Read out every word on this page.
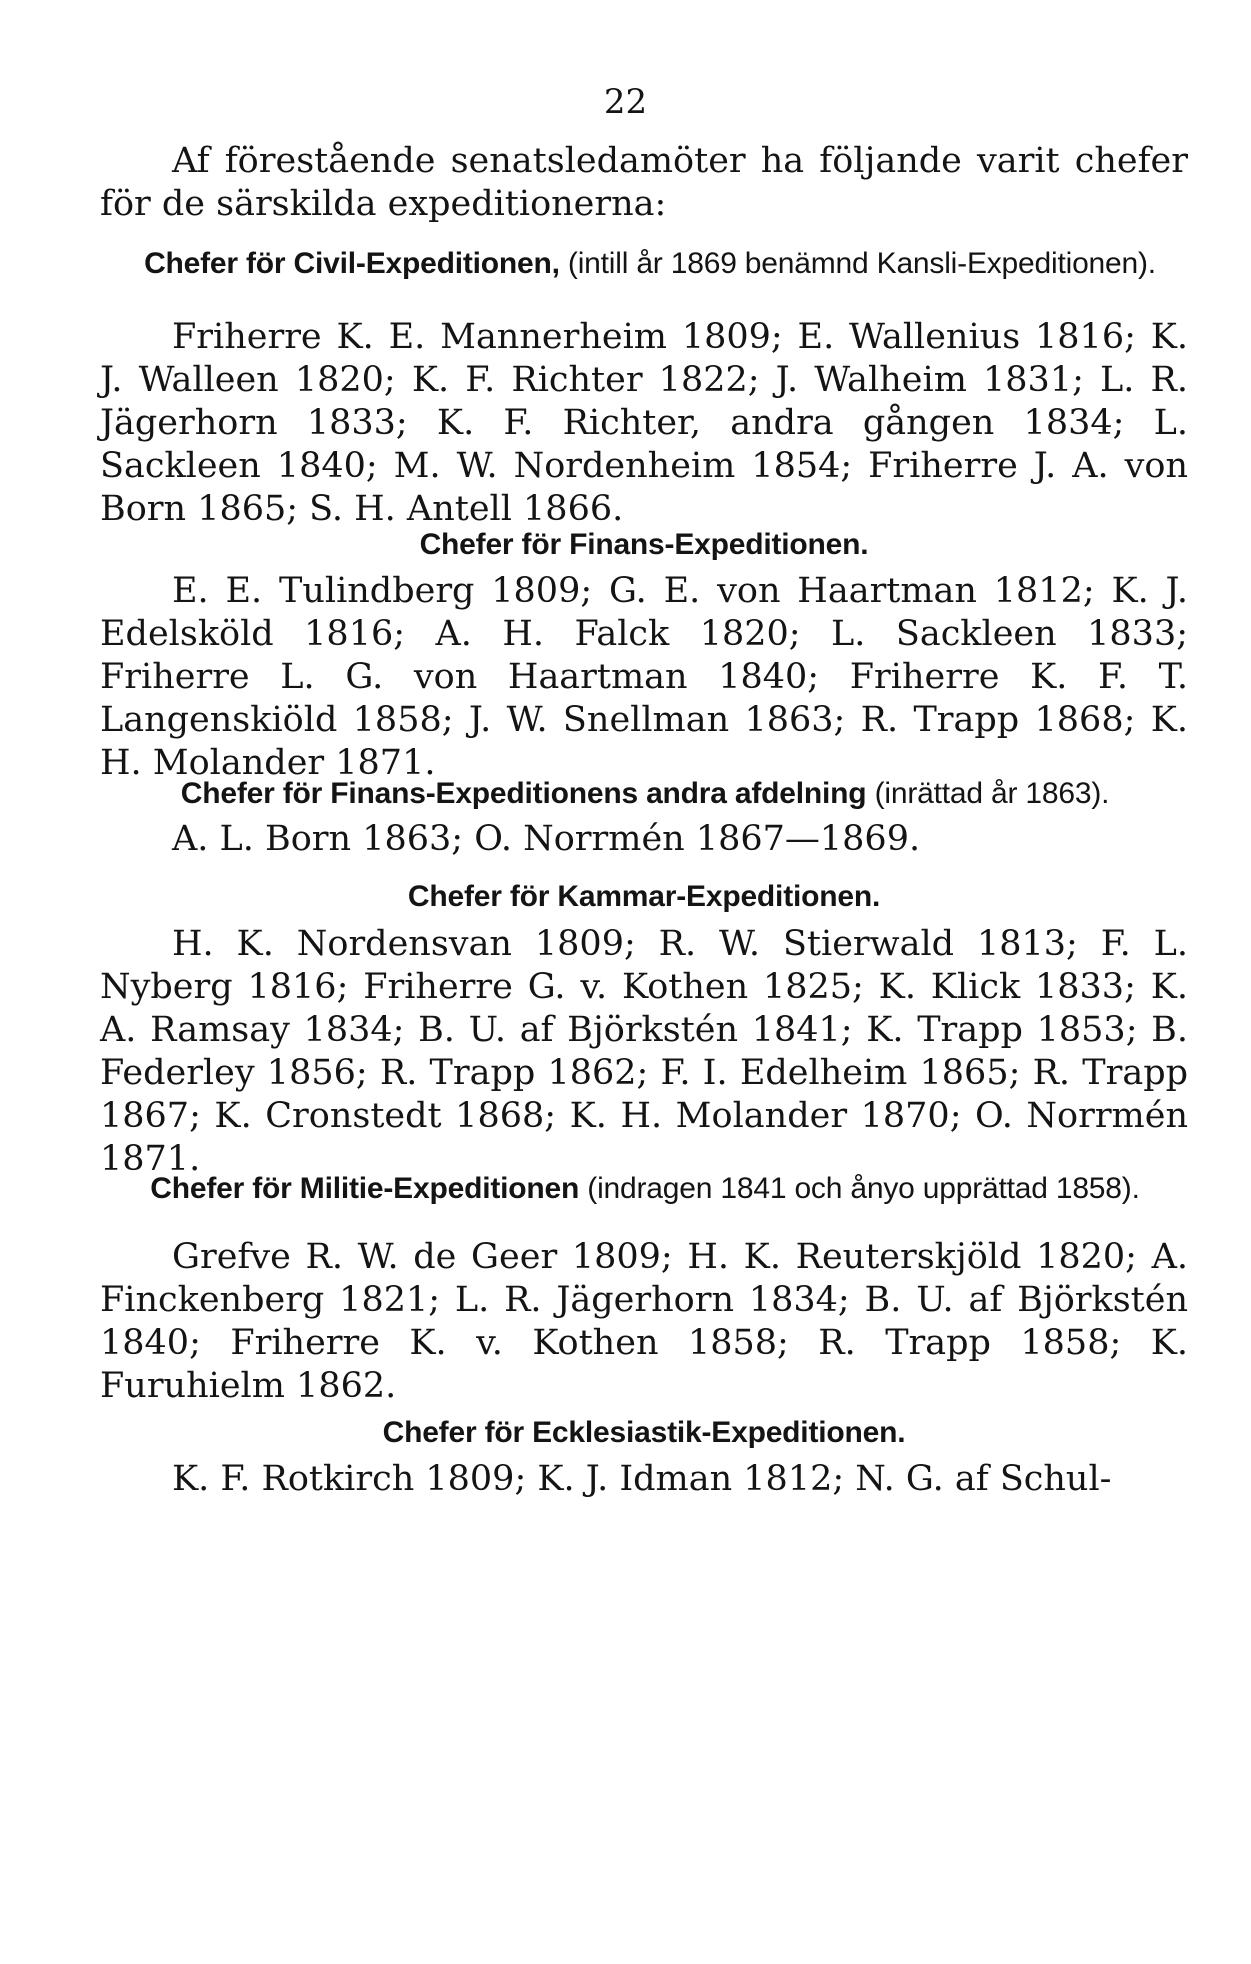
22

Af förestående senatsledamöter ha följande varit chefer för de särskilda expeditionerna:

Chefer för Civil-Expeditionen, (intill år 1869 benämnd Kansli-Expeditionen).

Friherre K. E. Mannerheim 1809; E. Wallenius 1816; K. J. Walleen 1820; K. F. Richter 1822; J. Walheim 1831; L. R. Jägerhorn 1833; K. F. Richter, andra gången 1834; L. Sackleen 1840; M. W. Nordenheim 1854; Friherre J. A. von Born 1865; S. H. Antell 1866.

Chefer för Finans-Expeditionen.

E. E. Tulindberg 1809; G. E. von Haartman 1812; K. J. Edelsköld 1816; A. H. Falck 1820; L. Sackleen 1833; Friherre L. G. von Haartman 1840; Friherre K. F. T. Langenskiöld 1858; J. W. Snellman 1863; R. Trapp 1868; K. H. Molander 1871.

Chefer för Finans-Expeditionens andra afdelning (inrättad år 1863).

A. L. Born 1863; O. Norrmén 1867—1869.

Chefer för Kammar-Expeditionen.

H. K. Nordensvan 1809; R. W. Stierwald 1813; F. L. Nyberg 1816; Friherre G. v. Kothen 1825; K. Klick 1833; K. A. Ramsay 1834; B. U. af Björkstén 1841; K. Trapp 1853; B. Federley 1856; R. Trapp 1862; F. I. Edelheim 1865; R. Trapp 1867; K. Cronstedt 1868; K. H. Molander 1870; O. Norrmén 1871.

Chefer för Militie-Expeditionen (indragen 1841 och ånyo upprättad 1858).

Grefve R. W. de Geer 1809; H. K. Reuterskjöld 1820; A. Finckenberg 1821; L. R. Jägerhorn 1834; B. U. af Björkstén 1840; Friherre K. v. Kothen 1858; R. Trapp 1858; K. Furuhielm 1862.

Chefer för Ecklesiastik-Expeditionen.

K. F. Rotkirch 1809; K. J. Idman 1812; N. G. af Schul-
